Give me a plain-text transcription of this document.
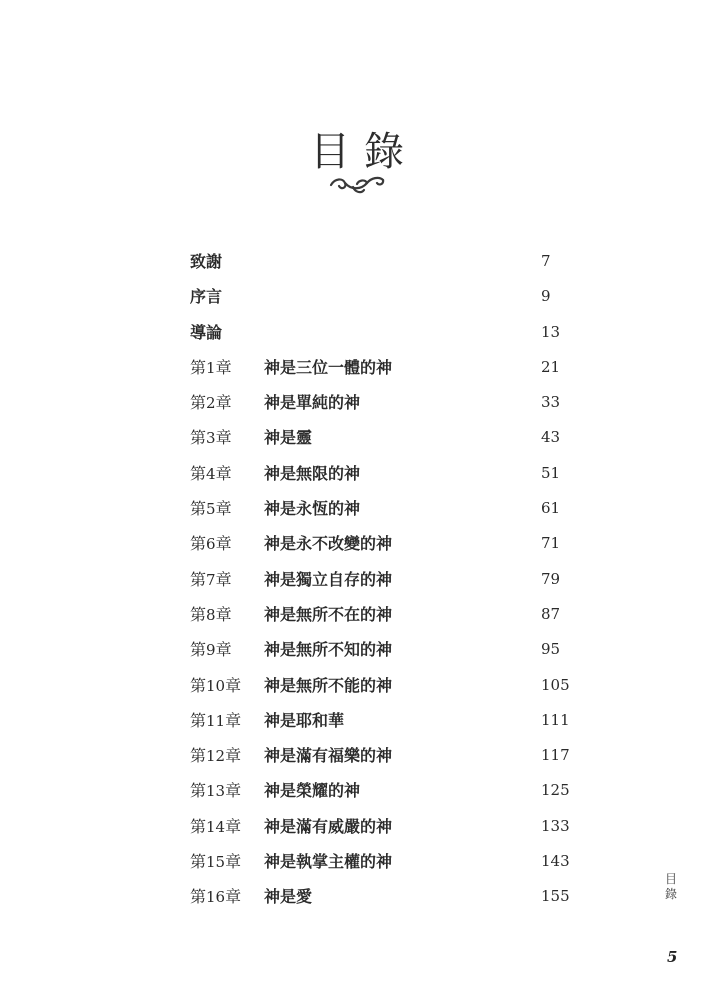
目錄
致謝	7
序言	9
導論	13
第1章 神是三位一體的神	21
第2章 神是單純的神	33
第3章 神是靈	43
第4章 神是無限的神	51
第5章 神是永恆的神	61
第6章 神是永不改變的神	71
第7章 神是獨立自存的神	79
第8章 神是無所不在的神	87
第9章 神是無所不知的神	95
第10章 神是無所不能的神	105
第11章 神是耶和華	111
第12章 神是滿有福樂的神	117
第13章 神是榮耀的神	125
第14章 神是滿有威嚴的神	133
第15章 神是執掌主權的神	143
第16章 神是愛	155
目
錄
5
